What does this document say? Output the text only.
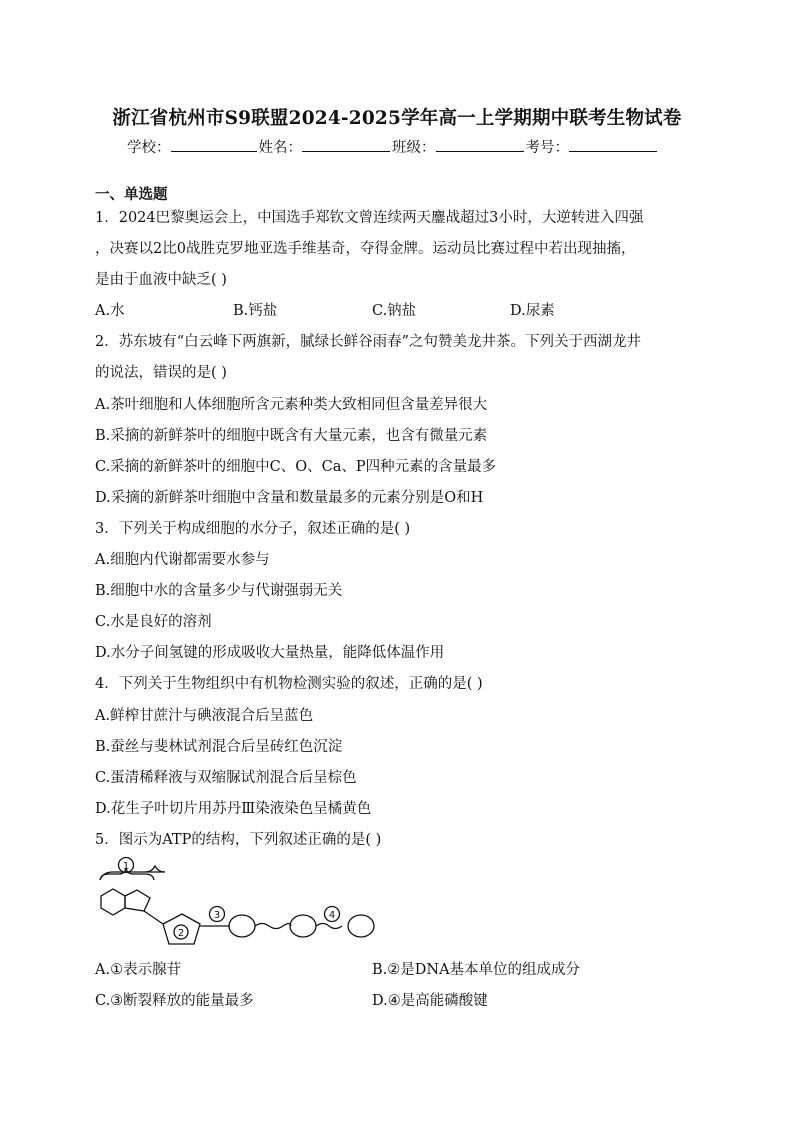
浙江省杭州市S9联盟2024-2025学年高一上学期期中联考生物试卷
学校：	姓名：	班级：	考号：
一、单选题
1．2024巴黎奥运会上，中国选手郑钦文曾连续两天鏖战超过3小时，大逆转进入四强
，决赛以2比0战胜克罗地亚选手维基奇，夺得金牌。运动员比赛过程中若出现抽搐，
是由于血液中缺乏( )
A.水	B.钙盐	C.钠盐	D.尿素
2．苏东坡有“白云峰下两旗新，腻绿长鲜谷雨春”之句赞美龙井茶。下列关于西湖龙井
的说法，错误的是( )
A.茶叶细胞和人体细胞所含元素种类大致相同但含量差异很大
B.采摘的新鲜茶叶的细胞中既含有大量元素，也含有微量元素
C.采摘的新鲜茶叶的细胞中C、O、Ca、P四种元素的含量最多
D.采摘的新鲜茶叶细胞中含量和数量最多的元素分别是O和H
3．下列关于构成细胞的水分子，叙述正确的是( )
A.细胞内代谢都需要水参与
B.细胞中水的含量多少与代谢强弱无关
C.水是良好的溶剂
D.水分子间氢键的形成吸收大量热量，能降低体温作用
4．下列关于生物组织中有机物检测实验的叙述，正确的是( )
A.鲜榨甘蔗汁与碘液混合后呈蓝色
B.蚕丝与斐林试剂混合后呈砖红色沉淀
C.蛋清稀释液与双缩脲试剂混合后呈棕色
D.花生子叶切片用苏丹Ⅲ染液染色呈橘黄色
5．图示为ATP的结构，下列叙述正确的是( )
1
2
3	4
A.①表示腺苷	B.②是DNA基本单位的组成成分
C.③断裂释放的能量最多	D.④是高能磷酸键
